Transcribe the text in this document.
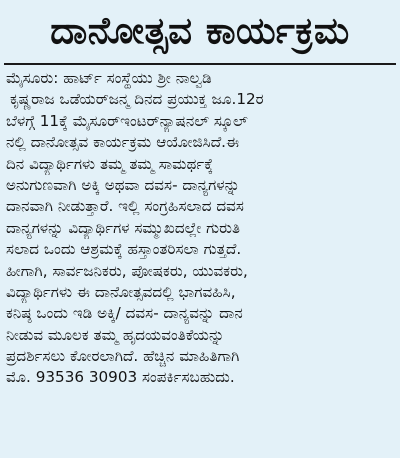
ದಾನೋತ್ಸವ ಕಾರ್ಯಕ್ರಮ
ಮೈಸೂರು: ಹಾರ್ಟ್ ಸಂಸ್ಥೆಯು ಶ್ರೀ ನಾಲ್ವಡಿ
ಕೃಷ್ಣರಾಜ ಒಡೆಯರ್‌ಜನ್ಮ ದಿನದ ಪ್ರಯುಕ್ತ ಜೂ.12ರ
ಬೆಳಗ್ಗೆ 11ಕ್ಕೆ ಮೈಸೂರ್‌ಇಂಟರ್‌ನ್ಯಾಷನಲ್ ಸ್ಕೂಲ್
ನಲ್ಲಿ ದಾನೋತ್ಸವ ಕಾರ್ಯಕ್ರಮ ಆಯೋಜಿಸಿದೆ.ಈ
ದಿನ ವಿದ್ಯಾರ್ಥಿಗಳು ತಮ್ಮ ತಮ್ಮ ಸಾಮರ್ಥಕ್ಕೆ
ಅನುಗುಣವಾಗಿ ಅಕ್ಕಿ ಅಥವಾ ದವಸ- ದಾನ್ಯಗಳನ್ನು
ದಾನವಾಗಿ ನೀಡುತ್ತಾರೆ. ಇಲ್ಲಿ ಸಂಗ್ರಹಿಸಲಾದ ದವಸ
ದಾನ್ಯಗಳನ್ನು ವಿದ್ಯಾರ್ಥಿಗಳ ಸಮ್ಮುಖದಲ್ಲೇ ಗುರುತಿ
ಸಲಾದ ಒಂದು ಆಶ್ರಮಕ್ಕೆ ಹಸ್ತಾಂತರಿಸಲಾ ಗುತ್ತದೆ.
ಹೀಗಾಗಿ, ಸಾರ್ವಜನಿಕರು, ಪೋಷಕರು, ಯುವಕರು,
ವಿದ್ಯಾರ್ಥಿಗಳು ಈ ದಾನೋತ್ಸವದಲ್ಲಿ ಭಾಗವಹಿಸಿ,
ಕನಿಷ್ಠ ಒಂದು ಇಡಿ ಅಕ್ಕಿ/ ದವಸ- ದಾನ್ಯವನ್ನು ದಾನ
ನೀಡುವ ಮೂಲಕ ತಮ್ಮ ಹೃದಯವಂತಿಕೆಯನ್ನು
ಪ್ರದರ್ಶಿಸಲು ಕೋರಲಾಗಿದೆ. ಹೆಚ್ಚಿನ ಮಾಹಿತಿಗಾಗಿ
ಮೊ. 93536 30903 ಸಂಪರ್ಕಿಸಬಹುದು.
